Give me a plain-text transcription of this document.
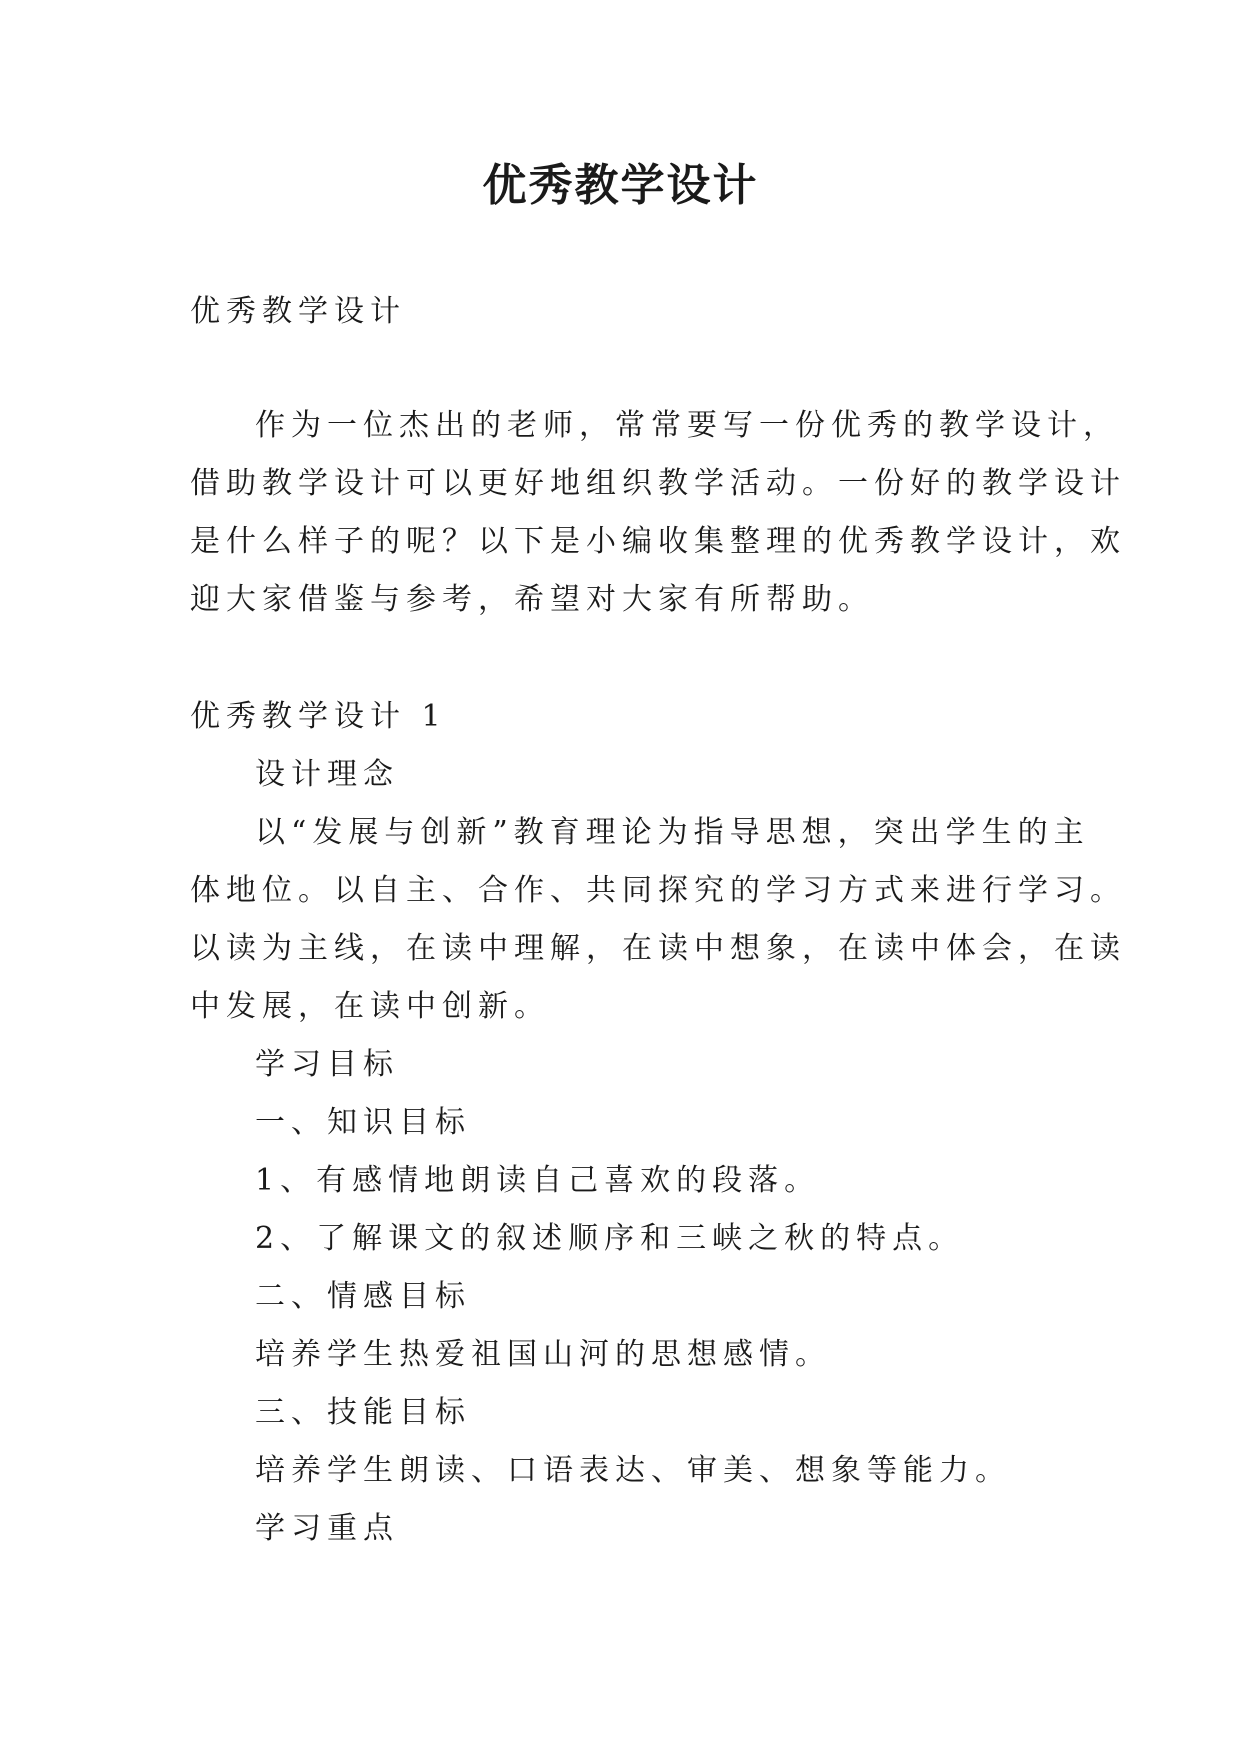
优秀教学设计
优秀教学设计
作为一位杰出的老师，常常要写一份优秀的教学设计，
借助教学设计可以更好地组织教学活动。一份好的教学设计
是什么样子的呢？以下是小编收集整理的优秀教学设计，欢
迎大家借鉴与参考，希望对大家有所帮助。
优秀教学设计 1
设计理念
以“发展与创新”教育理论为指导思想，突出学生的主
体地位。以自主、合作、共同探究的学习方式来进行学习。
以读为主线，在读中理解，在读中想象，在读中体会，在读
中发展，在读中创新。
学习目标
一、知识目标
1、有感情地朗读自己喜欢的段落。
2、了解课文的叙述顺序和三峡之秋的特点。
二、情感目标
培养学生热爱祖国山河的思想感情。
三、技能目标
培养学生朗读、口语表达、审美、想象等能力。
学习重点
